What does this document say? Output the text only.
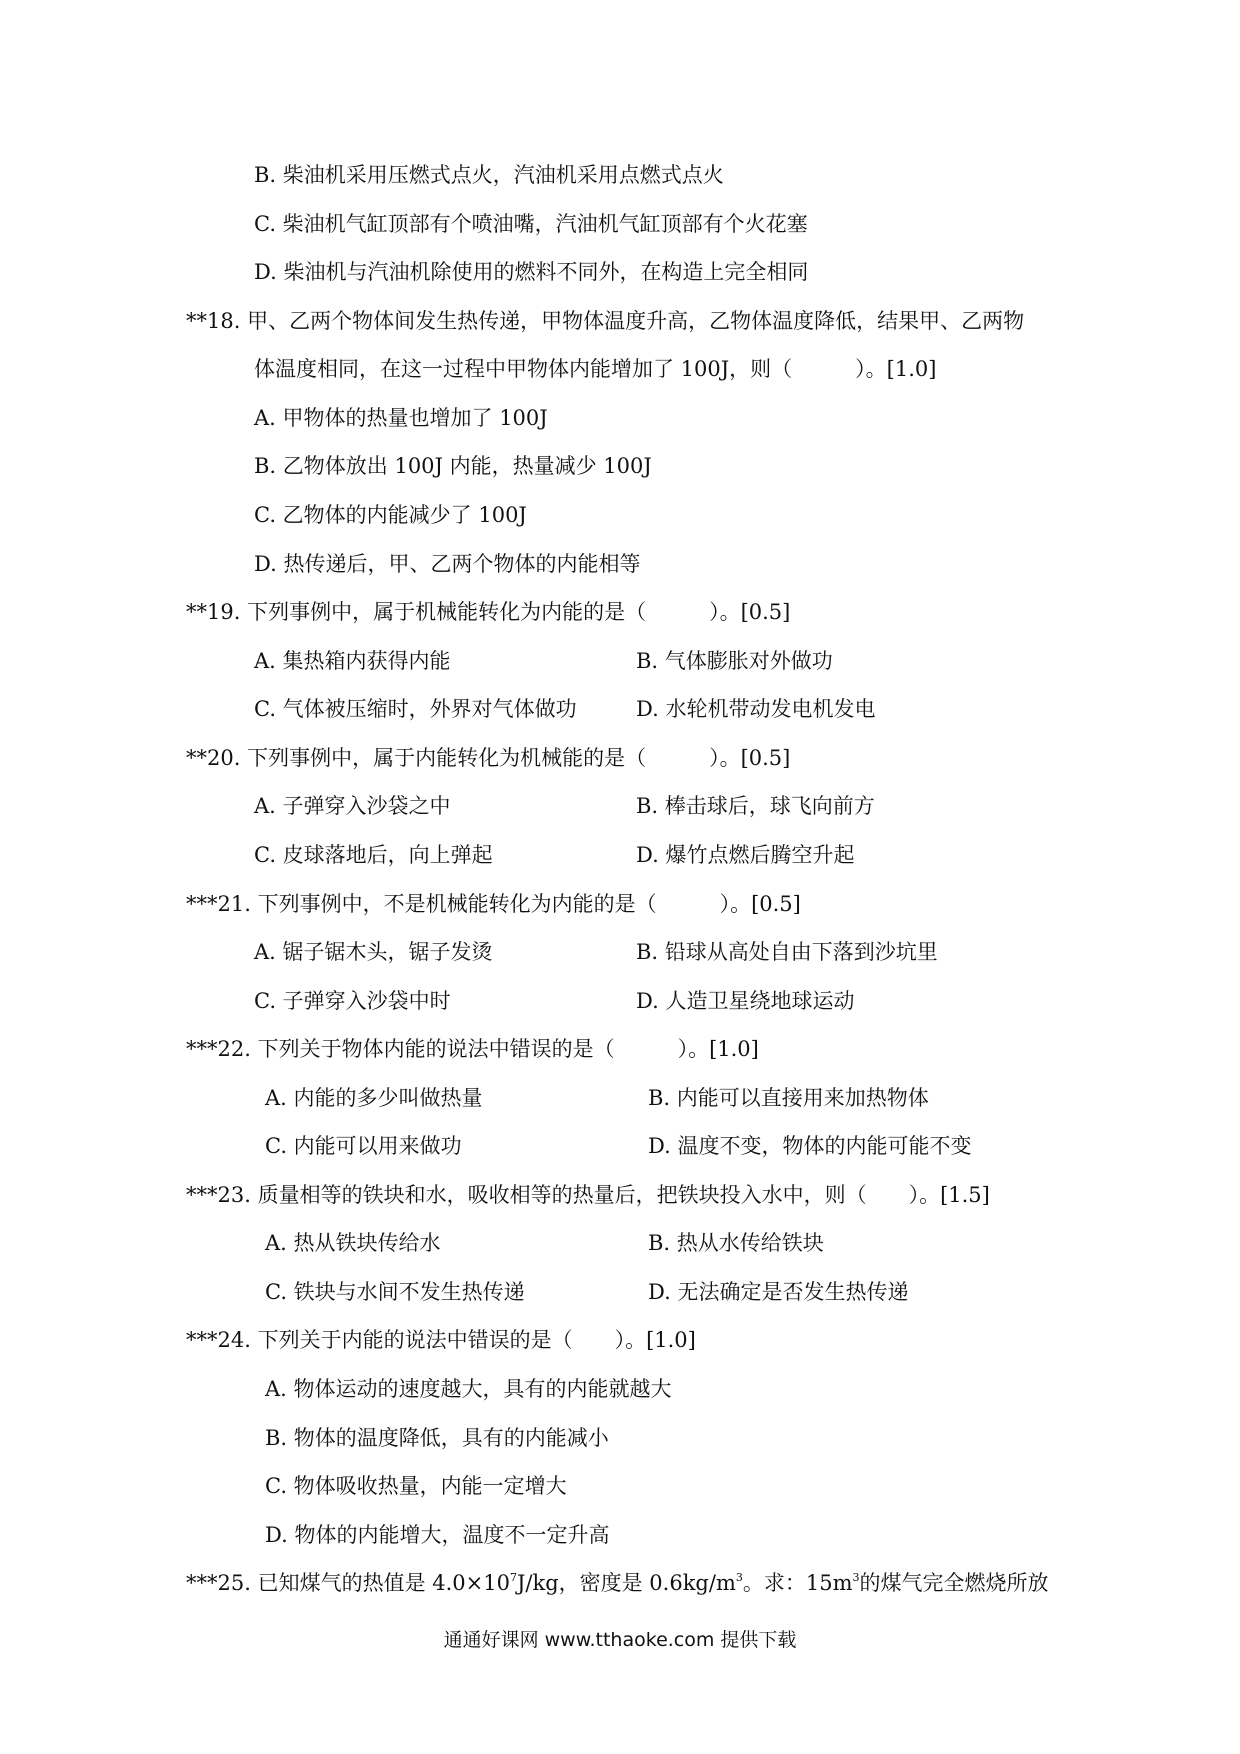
B. 柴油机采用压燃式点火，汽油机采用点燃式点火
C. 柴油机气缸顶部有个喷油嘴，汽油机气缸顶部有个火花塞
D. 柴油机与汽油机除使用的燃料不同外，在构造上完全相同
**18. 甲、乙两个物体间发生热传递，甲物体温度升高，乙物体温度降低，结果甲、乙两物
体温度相同，在这一过程中甲物体内能增加了 100J，则（　　　）。[1.0]
A. 甲物体的热量也增加了 100J
B. 乙物体放出 100J 内能，热量减少 100J
C. 乙物体的内能减少了 100J
D. 热传递后，甲、乙两个物体的内能相等
**19. 下列事例中，属于机械能转化为内能的是（　　　）。[0.5]
A. 集热箱内获得内能	B. 气体膨胀对外做功
C. 气体被压缩时，外界对气体做功	D. 水轮机带动发电机发电
**20. 下列事例中，属于内能转化为机械能的是（　　　）。[0.5]
A. 子弹穿入沙袋之中	B. 棒击球后，球飞向前方
C. 皮球落地后，向上弹起	D. 爆竹点燃后腾空升起
***21. 下列事例中，不是机械能转化为内能的是（　　　）。[0.5]
A. 锯子锯木头，锯子发烫	B. 铅球从高处自由下落到沙坑里
C. 子弹穿入沙袋中时	D. 人造卫星绕地球运动
***22. 下列关于物体内能的说法中错误的是（　　　）。[1.0]
A. 内能的多少叫做热量	B. 内能可以直接用来加热物体
C. 内能可以用来做功	D. 温度不变，物体的内能可能不变
***23. 质量相等的铁块和水，吸收相等的热量后，把铁块投入水中，则（　　）。[1.5]
A. 热从铁块传给水	B. 热从水传给铁块
C. 铁块与水间不发生热传递	D. 无法确定是否发生热传递
***24. 下列关于内能的说法中错误的是（　　）。[1.0]
A. 物体运动的速度越大，具有的内能就越大
B. 物体的温度降低，具有的内能减小
C. 物体吸收热量，内能一定增大
D. 物体的内能增大，温度不一定升高
***25. 已知煤气的热值是 $4.0\times 10^7J/kg$，密度是 $0.6kg/m^3$。求：$15m^3$的煤气完全燃烧所放
通通好课网 www.tthaoke.com 提供下载
